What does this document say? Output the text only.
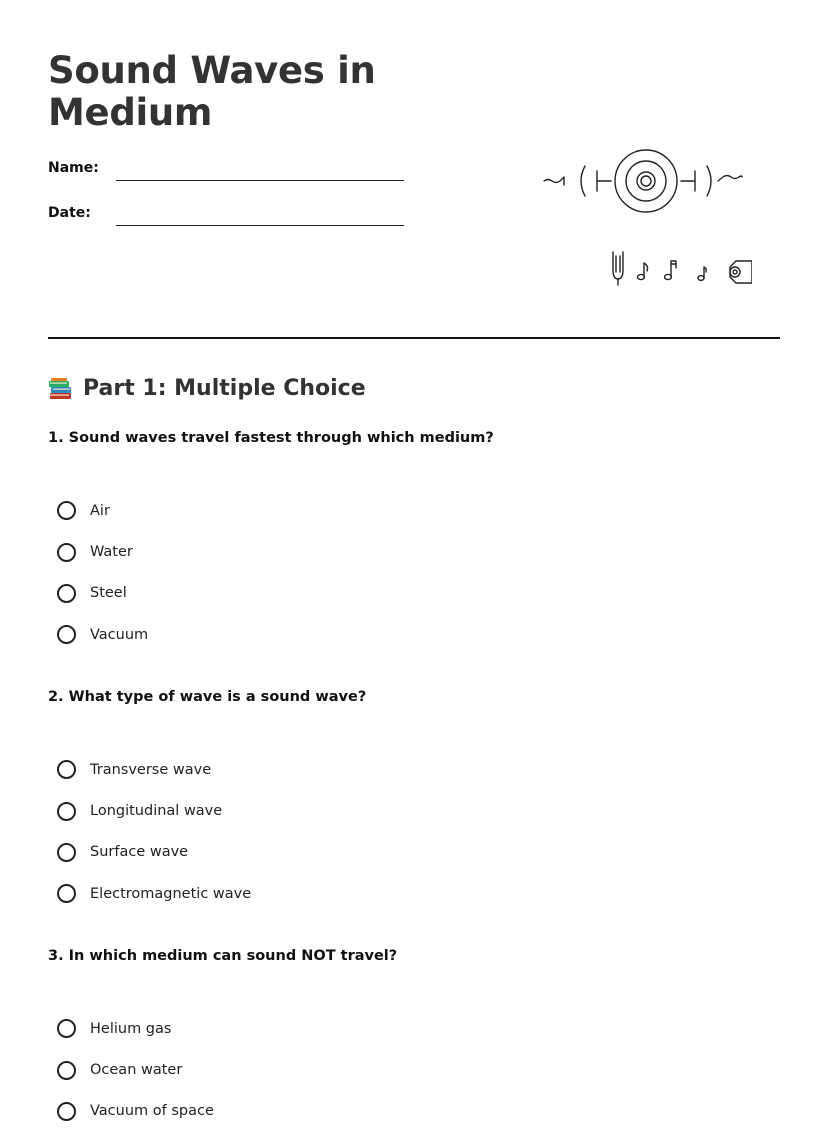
Sound Waves in Medium
Name:
Date:
Part 1: Multiple Choice

1. Sound waves travel fastest through which medium?

Air
Water
Steel
Vacuum

2. What type of wave is a sound wave?

Transverse wave
Longitudinal wave
Surface wave
Electromagnetic wave

3. In which medium can sound NOT travel?

Helium gas
Ocean water
Vacuum of space
